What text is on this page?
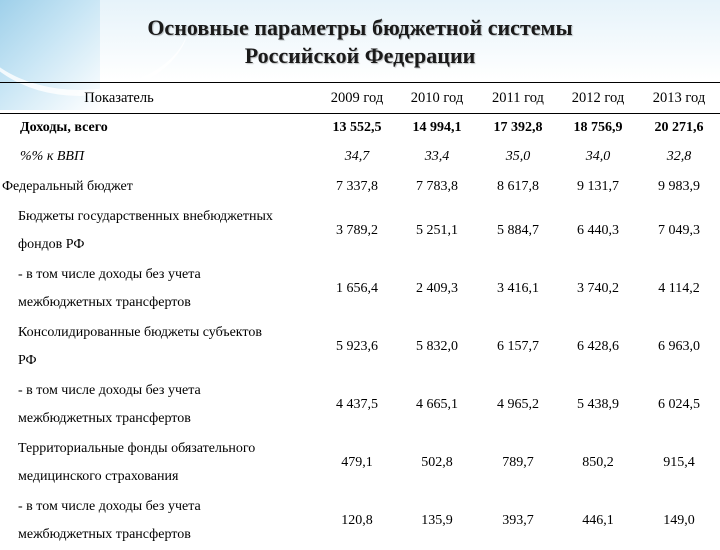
Основные параметры бюджетной системы
Российской Федерации
Показатель	2009 год	2010 год	2011 год	2012 год	2013 год
Доходы, всего	13 552,5	14 994,1	17 392,8	18 756,9	20 271,6
%% к ВВП	34,7	33,4	35,0	34,0	32,8
Федеральный бюджет	7 337,8	7 783,8	8 617,8	9 131,7	9 983,9

Бюджеты государственных внебюджетных
фондов РФ	3 789,2	5 251,1	5 884,7	6 440,3	7 049,3

- в том числе доходы без учета
межбюджетных трансфертов	1 656,4	2 409,3	3 416,1	3 740,2	4 114,2

Консолидированные бюджеты субъектов
РФ	5 923,6	5 832,0	6 157,7	6 428,6	6 963,0

- в том числе доходы без учета
межбюджетных трансфертов	4 437,5	4 665,1	4 965,2	5 438,9	6 024,5

Территориальные фонды обязательного
медицинского страхования	479,1	502,8	789,7	850,2	915,4

- в том числе доходы без учета
межбюджетных трансфертов	120,8	135,9	393,7	446,1	149,0
